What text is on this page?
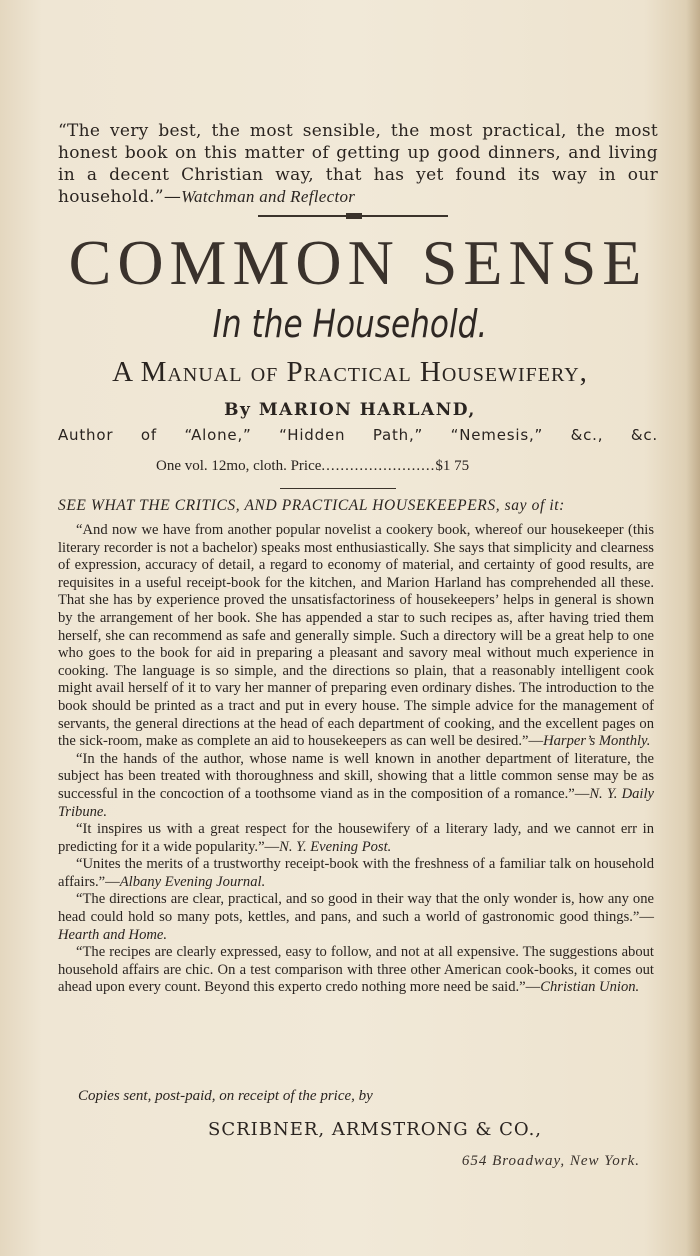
“The very best, the most sensible, the most practical, the most honest book on this matter of getting up good dinners, and living in a decent Christian way, that has yet found its way in our household.”—Watchman and Reflector
COMMON SENSE
In the Household.
A Manual of Practical Housewifery,
By MARION HARLAND,
Author of “Alone,” “Hidden Path,” “Nemesis,” &c., &c.
One vol. 12mo, cloth. Price........................$1 75
SEE WHAT THE CRITICS, AND PRACTICAL HOUSEKEEPERS, say of it:

“And now we have from another popular novelist a cookery book, whereof our housekeeper (this literary recorder is not a bachelor) speaks most enthusiastically. She says that simplicity and clearness of expression, accuracy of detail, a regard to economy of material, and certainty of good results, are requisites in a useful receipt-book for the kitchen, and Marion Harland has comprehended all these. That she has by experience proved the unsatisfactoriness of housekeepers’ helps in general is shown by the arrangement of her book. She has appended a star to such recipes as, after having tried them herself, she can recommend as safe and generally simple. Such a directory will be a great help to one who goes to the book for aid in preparing a pleasant and savory meal without much experience in cooking. The language is so simple, and the directions so plain, that a reasonably intelligent cook might avail herself of it to vary her manner of preparing even ordinary dishes. The introduction to the book should be printed as a tract and put in every house. The simple advice for the management of servants, the general directions at the head of each department of cooking, and the excellent pages on the sick-room, make as complete an aid to housekeepers as can well be desired.”—Harper’s Monthly.

“In the hands of the author, whose name is well known in another department of literature, the subject has been treated with thoroughness and skill, showing that a little common sense may be as successful in the concoction of a toothsome viand as in the composition of a romance.”—N. Y. Daily Tribune.

“It inspires us with a great respect for the housewifery of a literary lady, and we cannot err in predicting for it a wide popularity.”—N. Y. Evening Post.

“Unites the merits of a trustworthy receipt-book with the freshness of a familiar talk on household affairs.”—Albany Evening Journal.

“The directions are clear, practical, and so good in their way that the only wonder is, how any one head could hold so many pots, kettles, and pans, and such a world of gastronomic good things.”—Hearth and Home.

“The recipes are clearly expressed, easy to follow, and not at all expensive. The suggestions about household affairs are chic. On a test comparison with three other American cook-books, it comes out ahead upon every count. Beyond this experto credo nothing more need be said.”—Christian Union.

Copies sent, post-paid, on receipt of the price, by
SCRIBNER, ARMSTRONG & CO.,
654 Broadway, New York.
